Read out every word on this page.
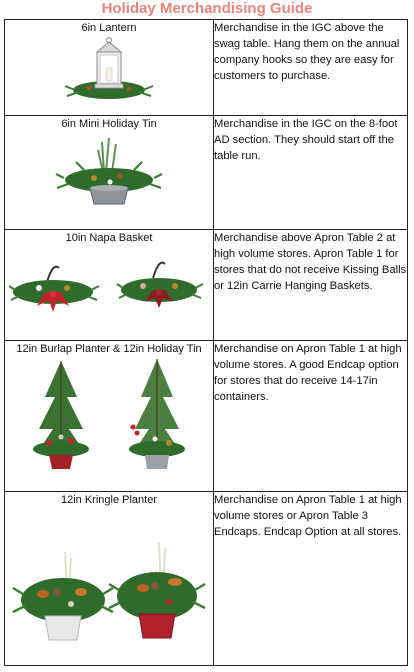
Holiday Merchandising Guide
6in Lantern	Merchandise in the IGC above the swag table. Hang them on the annual company hooks so they are easy for customers to purchase.

6in Mini Holiday Tin	Merchandise in the IGC on the 8-foot AD section. They should start off the table run.

10in Napa Basket	Merchandise above Apron Table 2 at high volume stores. Apron Table 1 for stores that do not receive Kissing Balls or 12in Carrie Hanging Baskets.

12in Burlap Planter & 12in Holiday Tin	Merchandise on Apron Table 1 at high volume stores. A good Endcap option for stores that do receive 14-17in containers.

12in Kringle Planter	Merchandise on Apron Table 1 at high volume stores or Apron Table 3 Endcaps. Endcap Option at all stores.
